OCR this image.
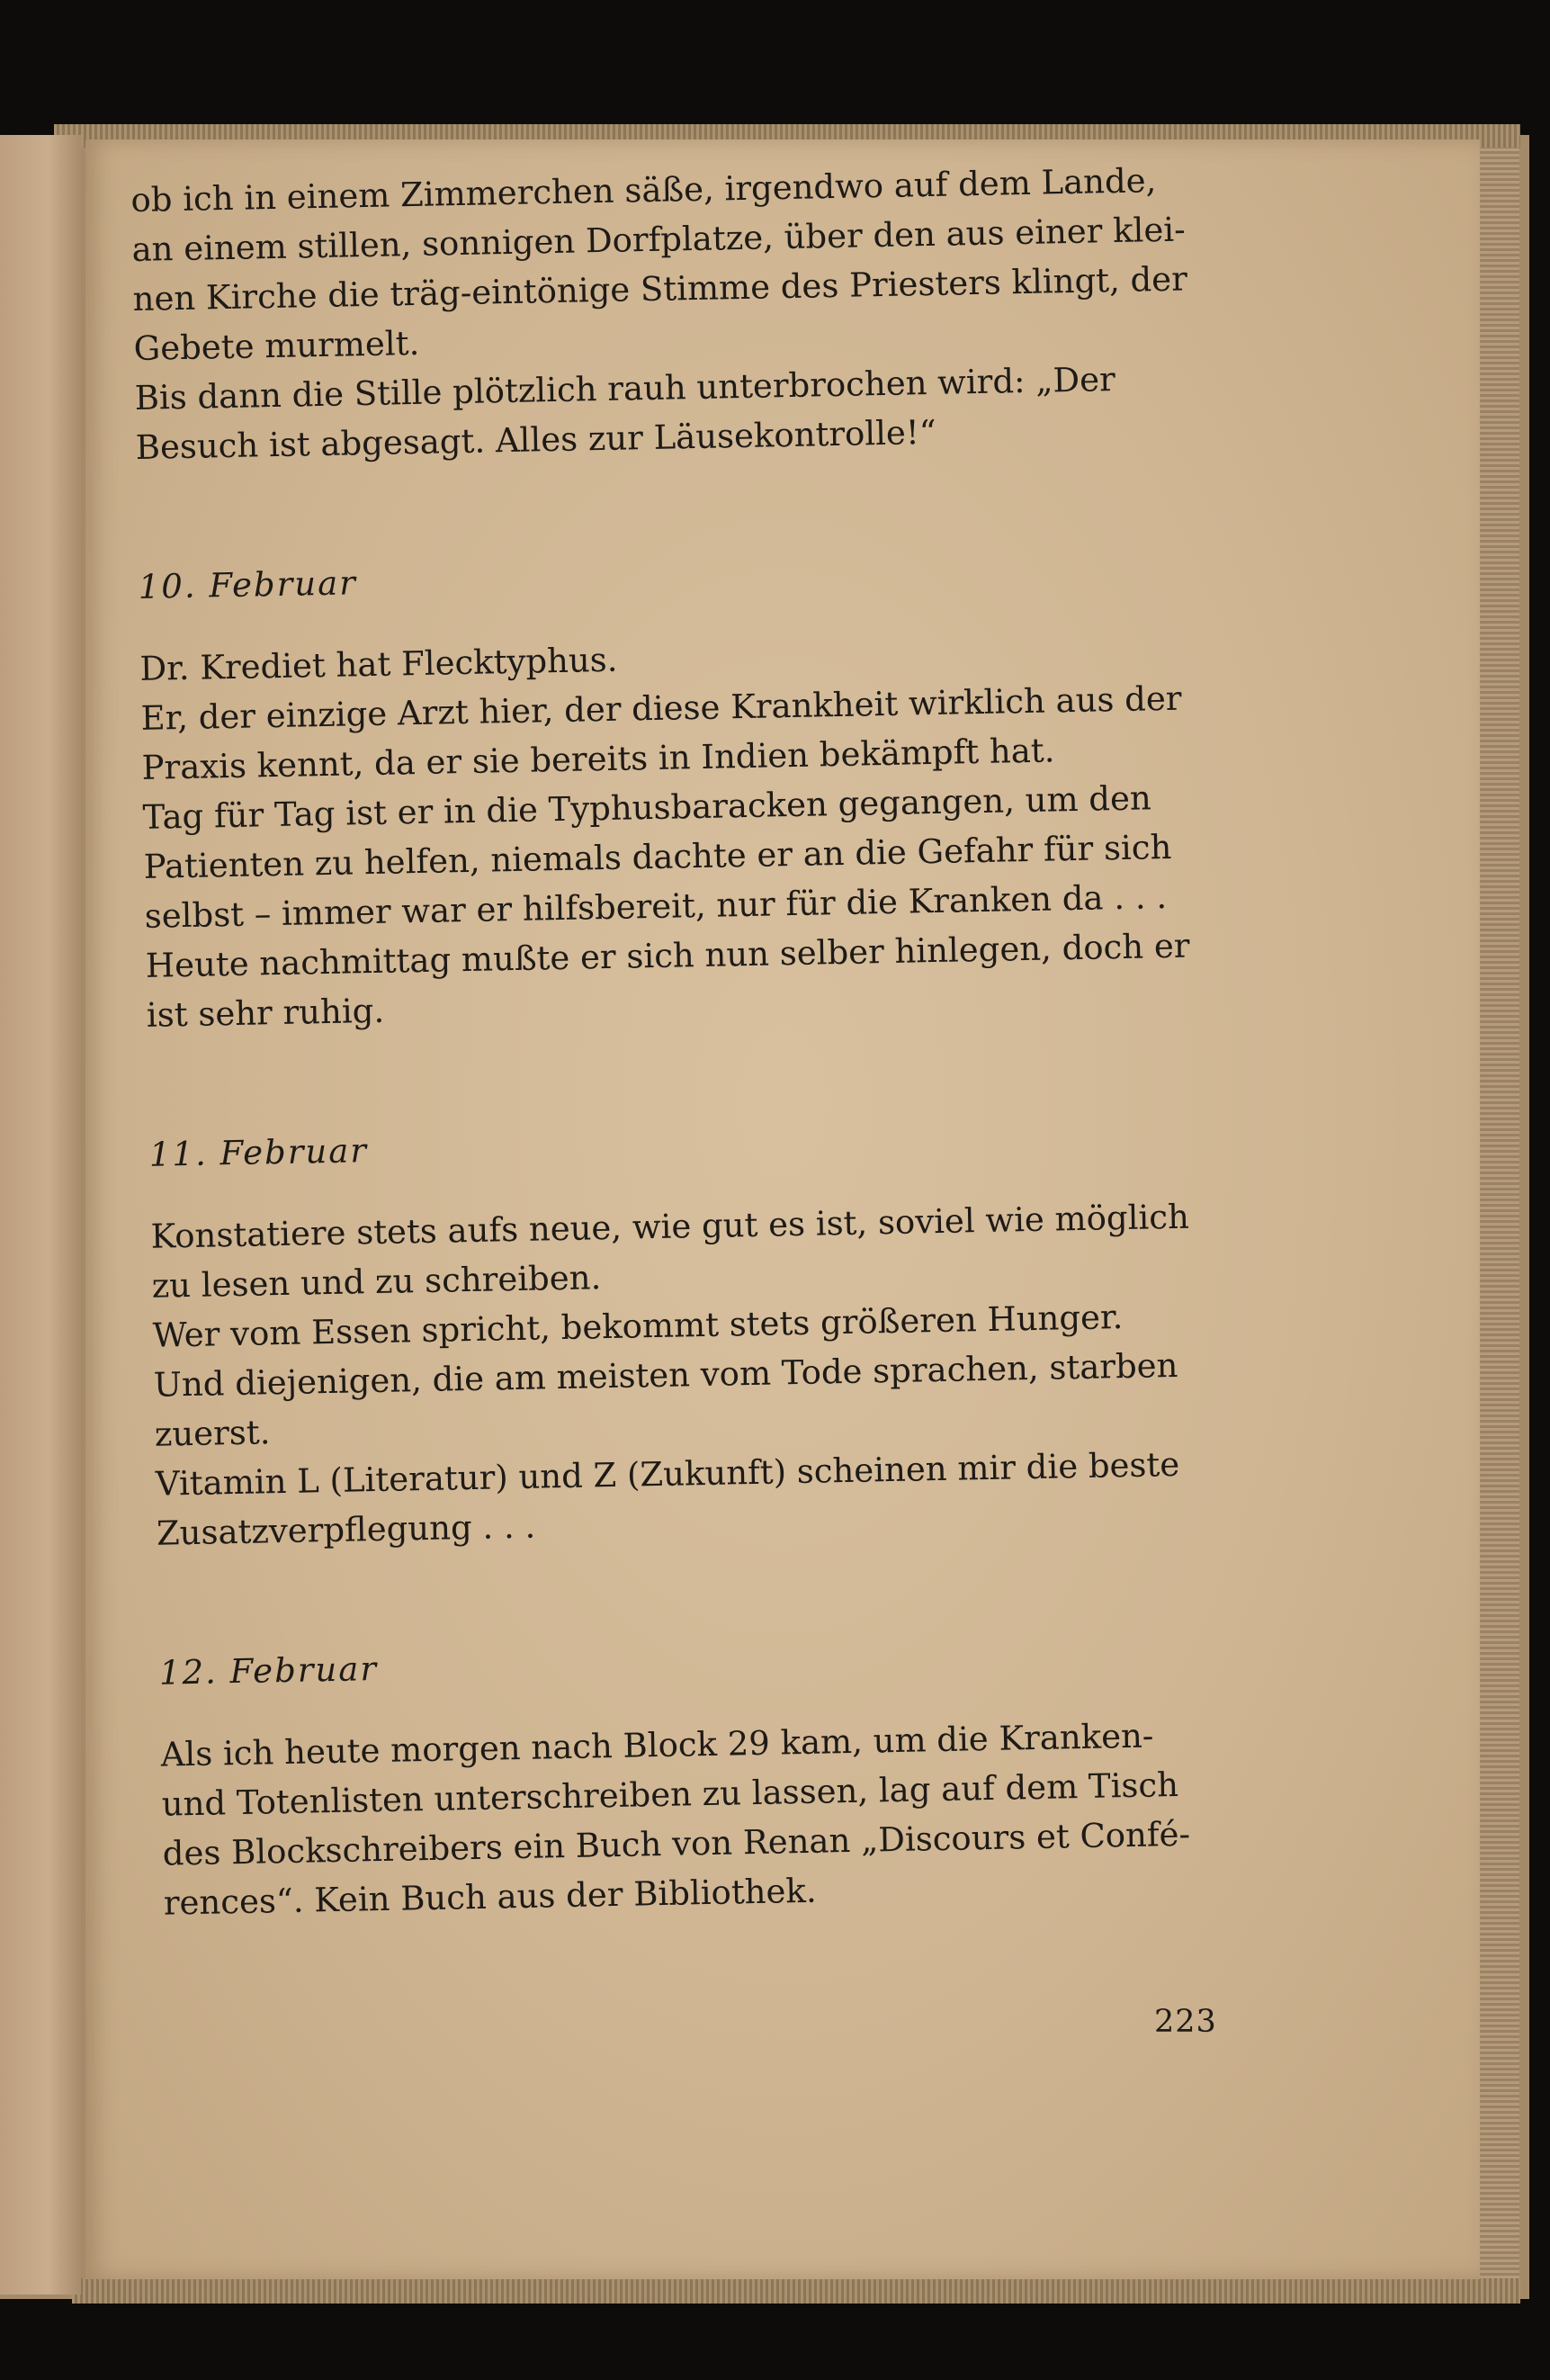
ob ich in einem Zimmerchen säße, irgendwo auf dem Lande,

an einem stillen, sonnigen Dorfplatze, über den aus einer klei-

nen Kirche die träg-eintönige Stimme des Priesters klingt, der

Gebete murmelt.

Bis dann die Stille plötzlich rauh unterbrochen wird: „Der

Besuch ist abgesagt. Alles zur Läusekontrolle!“

10. Februar

Dr. Krediet hat Flecktyphus.

Er, der einzige Arzt hier, der diese Krankheit wirklich aus der

Praxis kennt, da er sie bereits in Indien bekämpft hat.

Tag für Tag ist er in die Typhusbaracken gegangen, um den

Patienten zu helfen, niemals dachte er an die Gefahr für sich

selbst – immer war er hilfsbereit, nur für die Kranken da . . .

Heute nachmittag mußte er sich nun selber hinlegen, doch er

ist sehr ruhig.

11. Februar

Konstatiere stets aufs neue, wie gut es ist, soviel wie möglich

zu lesen und zu schreiben.

Wer vom Essen spricht, bekommt stets größeren Hunger.

Und diejenigen, die am meisten vom Tode sprachen, starben

zuerst.

Vitamin L (Literatur) und Z (Zukunft) scheinen mir die beste

Zusatzverpflegung . . .

12. Februar

Als ich heute morgen nach Block 29 kam, um die Kranken-

und Totenlisten unterschreiben zu lassen, lag auf dem Tisch

des Blockschreibers ein Buch von Renan „Discours et Confé-

rences“. Kein Buch aus der Bibliothek.

223
